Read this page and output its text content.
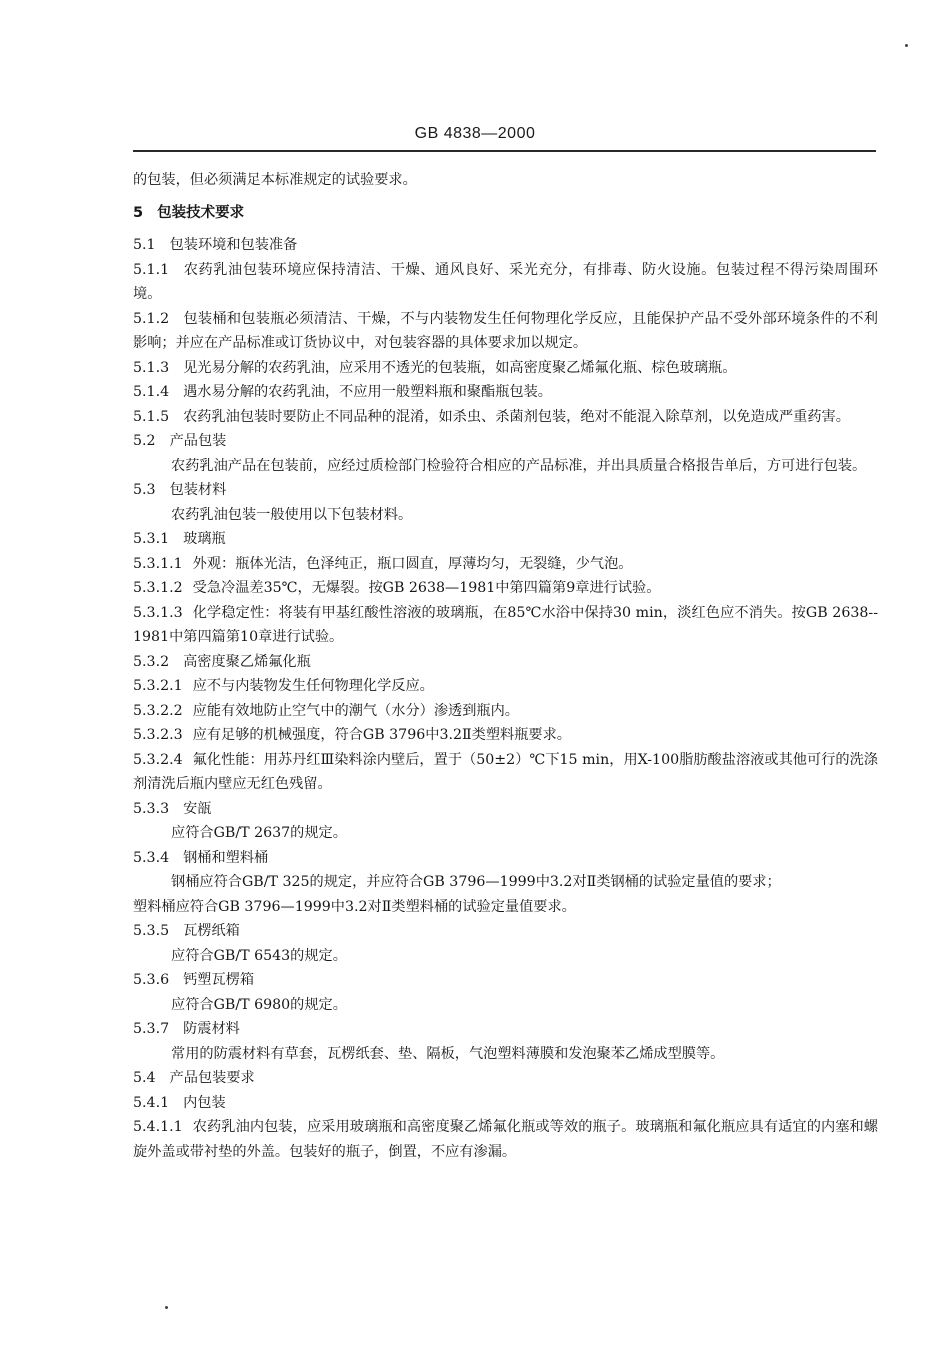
GB 4838—2000

的包装，但必须满足本标准规定的试验要求。

5 包装技术要求

5.1 包装环境和包装准备

5.1.1 农药乳油包装环境应保持清洁、干燥、通风良好、采光充分，有排毒、防火设施。包装过程不得污染周围环境。

5.1.2 包装桶和包装瓶必须清洁、干燥，不与内装物发生任何物理化学反应，且能保护产品不受外部环境条件的不利影响；并应在产品标准或订货协议中，对包装容器的具体要求加以规定。

5.1.3 见光易分解的农药乳油，应采用不透光的包装瓶，如高密度聚乙烯氟化瓶、棕色玻璃瓶。

5.1.4 遇水易分解的农药乳油，不应用一般塑料瓶和聚酯瓶包装。

5.1.5 农药乳油包装时要防止不同品种的混淆，如杀虫、杀菌剂包装，绝对不能混入除草剂，以免造成严重药害。

5.2 产品包装

农药乳油产品在包装前，应经过质检部门检验符合相应的产品标准，并出具质量合格报告单后，方可进行包装。

5.3 包装材料

农药乳油包装一般使用以下包装材料。

5.3.1 玻璃瓶

5.3.1.1 外观：瓶体光洁，色泽纯正，瓶口圆直，厚薄均匀，无裂缝，少气泡。

5.3.1.2 受急冷温差35℃，无爆裂。按GB 2638—1981中第四篇第9章进行试验。

5.3.1.3 化学稳定性：将装有甲基红酸性溶液的玻璃瓶，在85℃水浴中保持30 min，淡红色应不消失。按GB 2638--1981中第四篇第10章进行试验。

5.3.2 高密度聚乙烯氟化瓶

5.3.2.1 应不与内装物发生任何物理化学反应。

5.3.2.2 应能有效地防止空气中的潮气（水分）渗透到瓶内。

5.3.2.3 应有足够的机械强度，符合GB 3796中3.2Ⅱ类塑料瓶要求。

5.3.2.4 氟化性能：用苏丹红Ⅲ染料涂内壁后，置于（50±2）℃下15 min，用X-100脂肪酸盐溶液或其他可行的洗涤剂清洗后瓶内壁应无红色残留。

5.3.3 安瓿

应符合GB/T 2637的规定。

5.3.4 钢桶和塑料桶

钢桶应符合GB/T 325的规定，并应符合GB 3796—1999中3.2对Ⅱ类钢桶的试验定量值的要求；

塑料桶应符合GB 3796—1999中3.2对Ⅱ类塑料桶的试验定量值要求。

5.3.5 瓦楞纸箱

应符合GB/T 6543的规定。

5.3.6 钙塑瓦楞箱

应符合GB/T 6980的规定。

5.3.7 防震材料

常用的防震材料有草套，瓦楞纸套、垫、隔板，气泡塑料薄膜和发泡聚苯乙烯成型膜等。

5.4 产品包装要求

5.4.1 内包装

5.4.1.1 农药乳油内包装，应采用玻璃瓶和高密度聚乙烯氟化瓶或等效的瓶子。玻璃瓶和氟化瓶应具有适宜的内塞和螺旋外盖或带衬垫的外盖。包装好的瓶子，倒置，不应有渗漏。
